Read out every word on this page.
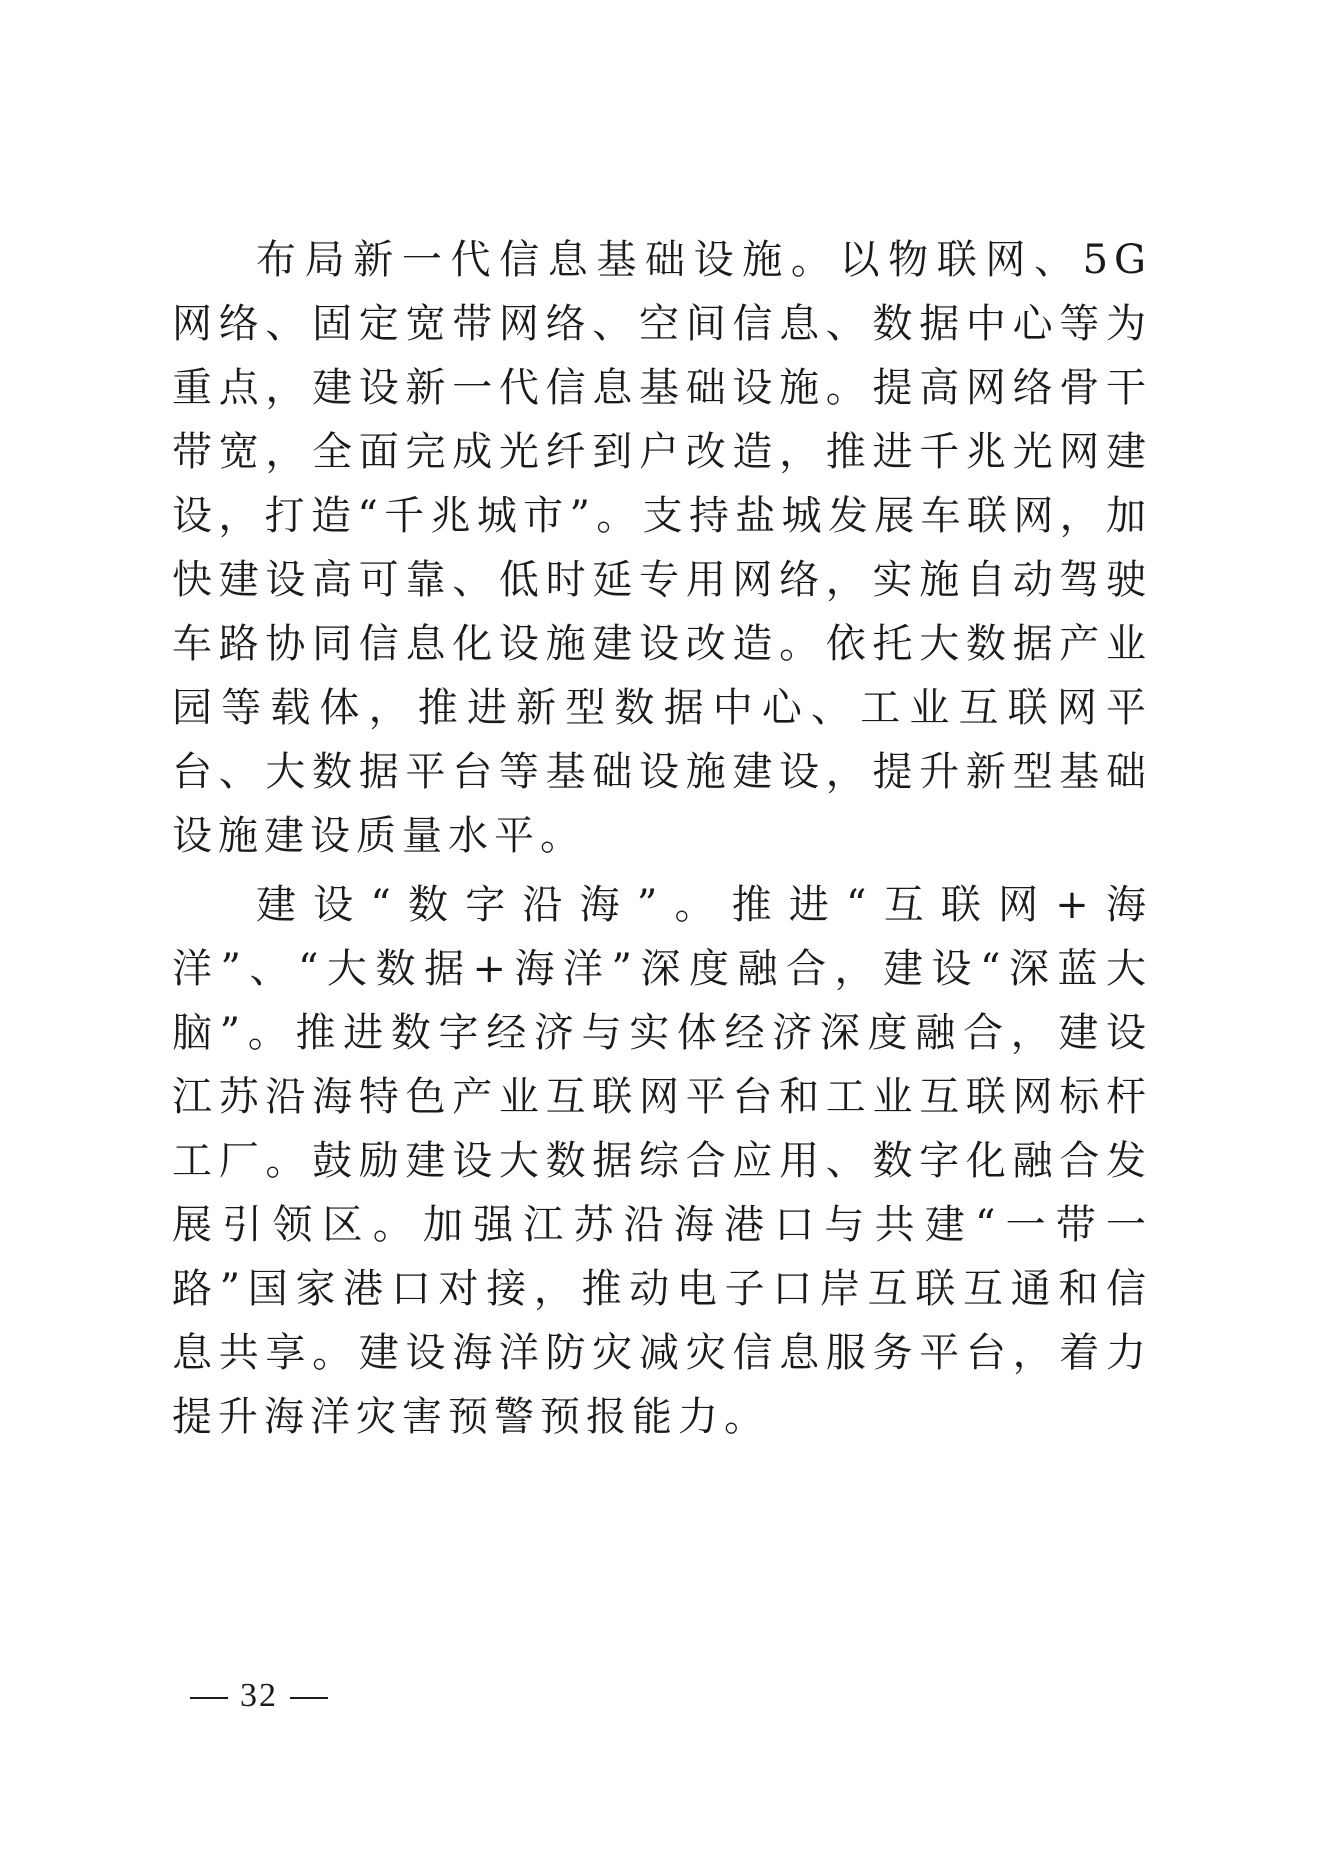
布局新一代信息基础设施。以物联网、5G 网络、固定宽带网络、空间信息、数据中心等为重点，建设新一代信息基础设施。提高网络骨干带宽，全面完成光纤到户改造，推进千兆光网建设，打造“千兆城市”。支持盐城发展车联网，加快建设高可靠、低时延专用网络，实施自动驾驶车路协同信息化设施建设改造。依托大数据产业园等载体，推进新型数据中心、工业互联网平台、大数据平台等基础设施建设，提升新型基础设施建设质量水平。

建设“数字沿海”。推进“互联网+海洋”、“大数据+海洋”深度融合，建设“深蓝大脑”。推进数字经济与实体经济深度融合，建设江苏沿海特色产业互联网平台和工业互联网标杆工厂。鼓励建设大数据综合应用、数字化融合发展引领区。加强江苏沿海港口与共建“一带一路”国家港口对接，推动电子口岸互联互通和信息共享。建设海洋防灾减灾信息服务平台，着力提升海洋灾害预警预报能力。

32
